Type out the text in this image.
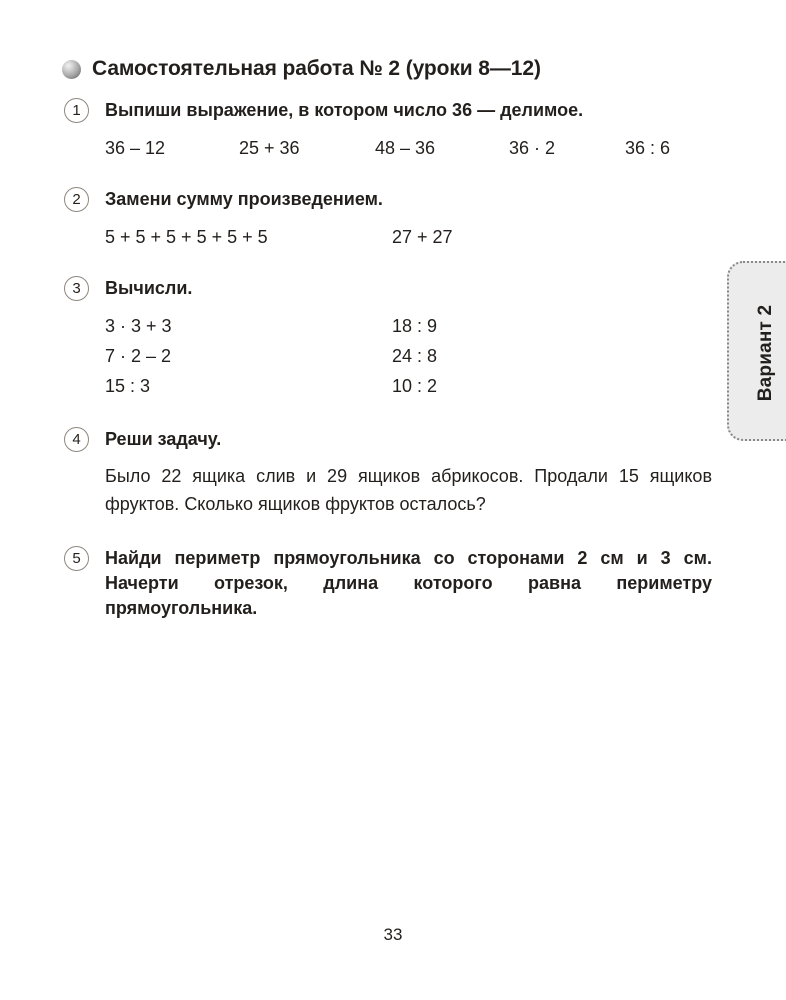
Вариант 2
Самостоятельная работа № 2 (уроки 8—12)
1	Выпиши выражение, в котором число 36 — делимое.

36 – 12	25 + 36	48 – 36	36 · 2	36 : 6
2	Замени сумму произведением.

5 + 5 + 5 + 5 + 5 + 5	27 + 27
3	Вычисли.

3 · 3 + 3	18 : 9
7 · 2 – 2	24 : 8
15 : 3	10 : 2
4	Реши задачу.

Было 22 ящика слив и 29 ящиков абрикосов. Продали 15 ящиков фруктов. Сколько ящиков фруктов осталось?

5	Найди периметр прямоугольника со сторонами 2 см и 3 см. Начерти отрезок, длина которого равна периметру прямоугольника.

33
